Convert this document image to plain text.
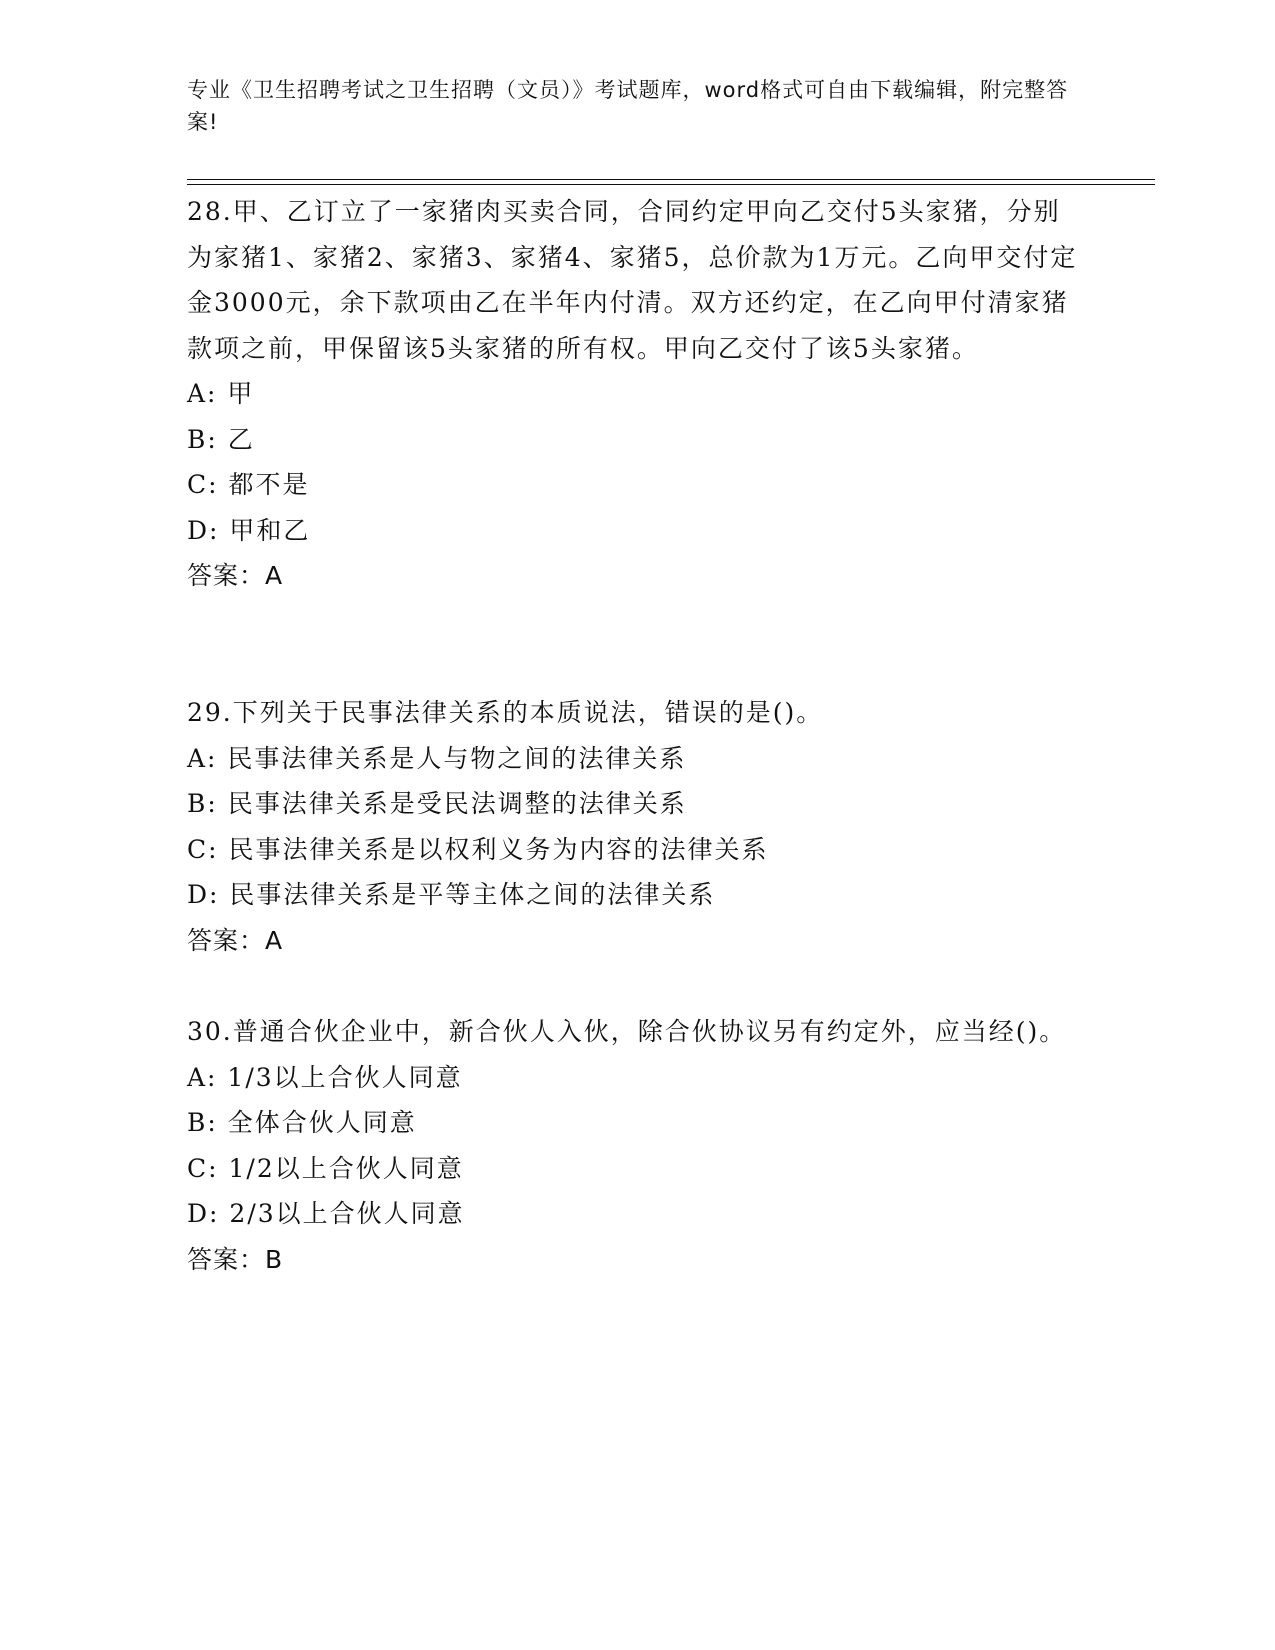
专业《卫生招聘考试之卫生招聘（文员）》考试题库，word格式可自由下载编辑，附完整答案!

28.甲、乙订立了一家猪肉买卖合同，合同约定甲向乙交付5头家猪，分别为家猪1、家猪2、家猪3、家猪4、家猪5，总价款为1万元。乙向甲交付定金3000元，余下款项由乙在半年内付清。双方还约定，在乙向甲付清家猪款项之前，甲保留该5头家猪的所有权。甲向乙交付了该5头家猪。

A: 甲

B: 乙

C: 都不是

D: 甲和乙

答案：A

29.下列关于民事法律关系的本质说法，错误的是()。

A: 民事法律关系是人与物之间的法律关系

B: 民事法律关系是受民法调整的法律关系

C: 民事法律关系是以权利义务为内容的法律关系

D: 民事法律关系是平等主体之间的法律关系

答案：A

30.普通合伙企业中，新合伙人入伙，除合伙协议另有约定外，应当经()。

A: 1/3以上合伙人同意

B: 全体合伙人同意

C: 1/2以上合伙人同意

D: 2/3以上合伙人同意

答案：B
